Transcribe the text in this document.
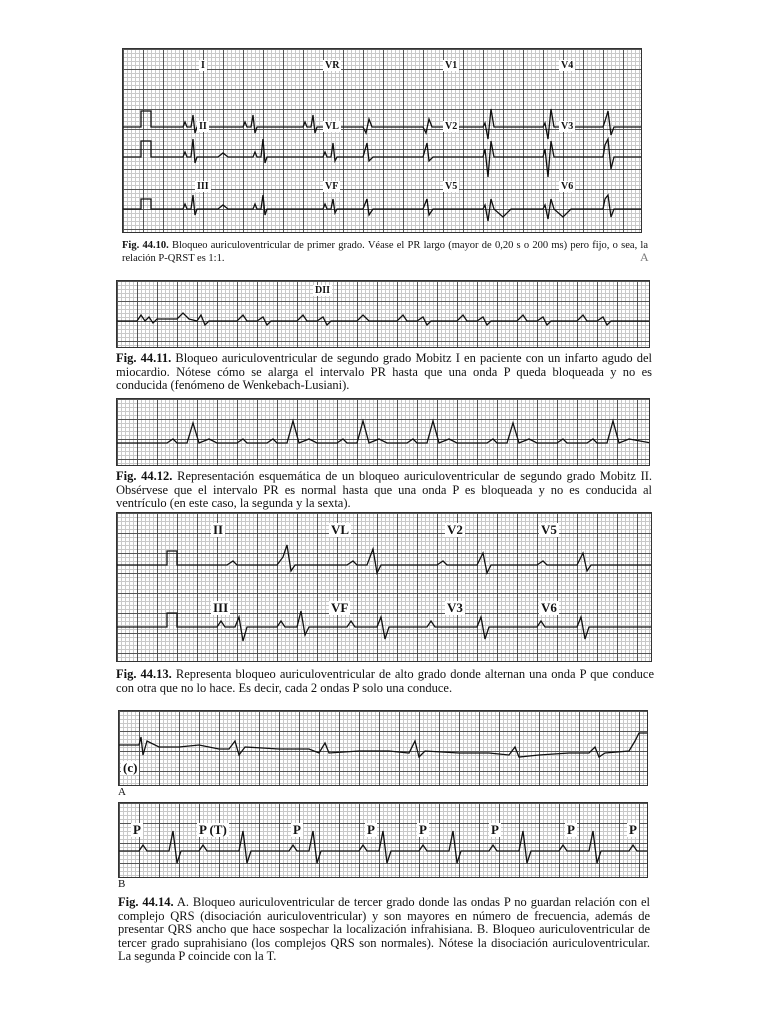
I	VR	V1	V4
II	VL	V2	V3
III	VF	V5	V6
Fig. 44.10. Bloqueo auriculoventricular de primer grado. Véase el PR largo (mayor de 0,20 s o 200 ms) pero fijo, o sea, la relación P-QRST es 1:1.	A
DII
Fig. 44.11. Bloqueo auriculoventricular de segundo grado Mobitz I en paciente con un infarto agudo del miocardio. Nótese cómo se alarga el intervalo PR hasta que una onda P queda bloqueada y no es conducida (fenómeno de Wenkebach-Lusiani).
Fig. 44.12. Representación esquemática de un bloqueo auriculoventricular de segundo grado Mobitz II. Obsérvese que el intervalo PR es normal hasta que una onda P es bloqueada y no es conducida al ventrículo (en este caso, la segunda y la sexta).
II	VL	V2	V5
III	VF	V3	V6
Fig. 44.13. Representa bloqueo auriculoventricular de alto grado donde alternan una onda P que conduce con otra que no lo hace. Es decir, cada 2 ondas P solo una conduce.
(c)
A
P	P (T)	P	P	P	P	P	P
B
Fig. 44.14. A. Bloqueo auriculoventricular de tercer grado donde las ondas P no guardan relación con el complejo QRS (disociación auriculoventricular) y son mayores en número de frecuencia, además de presentar QRS ancho que hace sospechar la localización infrahisiana. B. Bloqueo auriculoventricular de tercer grado suprahisiano (los complejos QRS son normales). Nótese la disociación auriculoventricular. La segunda P coincide con la T.
